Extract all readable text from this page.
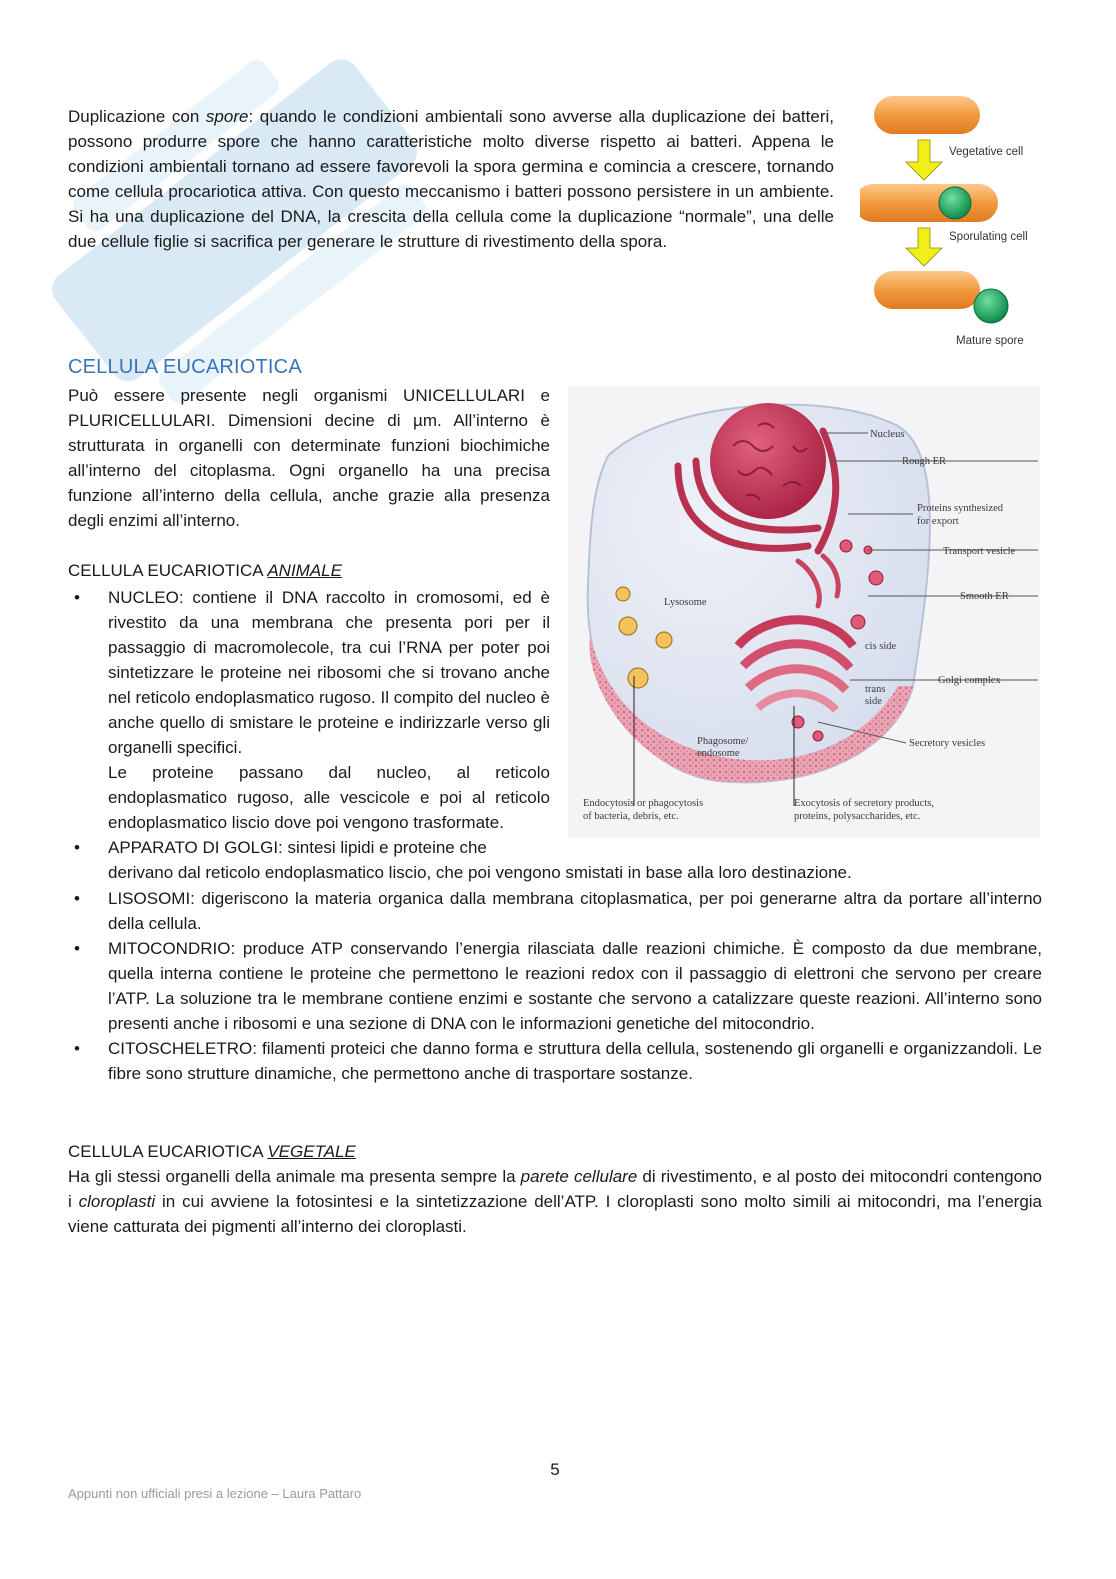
Duplicazione con spore: quando le condizioni ambientali sono avverse alla duplicazione dei batteri, possono produrre spore che hanno caratteristiche molto diverse rispetto ai batteri. Appena le condizioni ambientali tornano ad essere favorevoli la spora germina e comincia a crescere, tornando come cellula procariotica attiva. Con questo meccanismo i batteri possono persistere in un ambiente. Si ha una duplicazione del DNA, la crescita della cellula come la duplicazione “normale”, una delle due cellule figlie si sacrifica per generare le strutture di rivestimento della spora.

Vegetative cell
Sporulating cell
Mature spore
CELLULA EUCARIOTICA

Può essere presente negli organismi UNICELLULARI e PLURICELLULARI. Dimensioni decine di µm. All’interno è strutturata in organelli con determinate funzioni biochimiche all’interno del citoplasma. Ogni organello ha una precisa funzione all’interno della cellula, anche grazie alla presenza degli enzimi all’interno.

CELLULA EUCARIOTICA ANIMALE
• NUCLEO: contiene il DNA raccolto in cromosomi, ed è rivestito da una membrana che presenta pori per il passaggio di macromolecole, tra cui l’RNA per poter poi sintetizzare le proteine nei ribosomi che si trovano anche nel reticolo endoplasmatico rugoso. Il compito del nucleo è anche quello di smistare le proteine e indirizzarle verso gli organelli specifici.
Le proteine passano dal nucleo, al reticolo endoplasmatico rugoso, alle vescicole e poi al reticolo endoplasmatico liscio dove poi vengono trasformate.
• APPARATO DI GOLGI: sintesi lipidi e proteine che
derivano dal reticolo endoplasmatico liscio, che poi vengono smistati in base alla loro destinazione.
• LISOSOMI: digeriscono la materia organica dalla membrana citoplasmatica, per poi generarne altra da portare all’interno della cellula.
• MITOCONDRIO: produce ATP conservando l’energia rilasciata dalle reazioni chimiche. È composto da due membrane, quella interna contiene le proteine che permettono le reazioni redox con il passaggio di elettroni che servono per creare l’ATP. La soluzione tra le membrane contiene enzimi e sostante che servono a catalizzare queste reazioni. All’interno sono presenti anche i ribosomi e una sezione di DNA con le informazioni genetiche del mitocondrio.
• CITOSCHELETRO: filamenti proteici che danno forma e struttura della cellula, sostenendo gli organelli e organizzandoli. Le fibre sono strutture dinamiche, che permettono anche di trasportare sostanze.
Nucleus
Rough ER
Proteins synthesized
for export
Transport vesicle
Lysosome
Smooth ER
cis side
Golgi complex
trans
side
Phagosome/
endosome
Secretory vesicles
Endocytosis or phagocytosis
of bacteria, debris, etc.
Exocytosis of secretory products,
proteins, polysaccharides, etc.
CELLULA EUCARIOTICA VEGETALE

Ha gli stessi organelli della animale ma presenta sempre la parete cellulare di rivestimento, e al posto dei mitocondri contengono i cloroplasti in cui avviene la fotosintesi e la sintetizzazione dell’ATP. I cloroplasti sono molto simili ai mitocondri, ma l’energia viene catturata dei pigmenti all’interno dei cloroplasti.

5
Appunti non ufficiali presi a lezione – Laura Pattaro
